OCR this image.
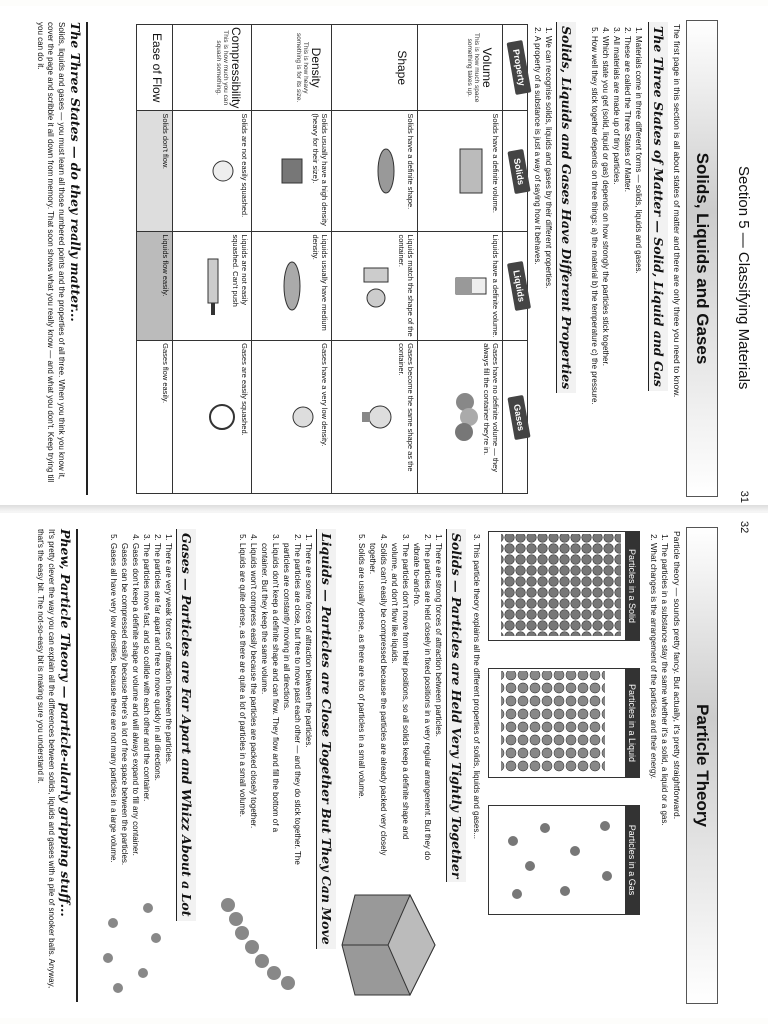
Section 5 — Classifying Materials
31
Solids, Liquids and Gases
The first page in this section is all about states of matter and there are only three you need to know.
The Three States of Matter — Solid, Liquid and Gas
1. Materials come in three different forms — solids, liquids and gases.
2. These are called the Three States of Matter.
3. All materials are made up of tiny particles.
4. Which state you get (solid, liquid or gas) depends on how strongly the particles stick together.
5. How well they stick together depends on three things: a) the material b) the temperature c) the pressure.
Solids, Liquids and Gases Have Different Properties
1. We can recognise solids, liquids and gases by their different properties.
2. A property of a substance is just a way of saying how it behaves.
Property	Solids	Liquids	Gases

Volume
This is how much space something takes up.	Solids have a definite volume.	Liquids have a definite volume.	Gases have no definite volume — they always fill the container they're in.

Shape	Solids have a definite shape.	Liquids match the shape of the container.	Gases become the same shape as the container.

Density
This is how heavy something is for its size.	Solids usually have a high density (heavy for their size).	Liquids usually have medium density.	Gases have a very low density.

Compressibility
This is how much you can squash something.	Solids are not easily squashed.	Liquids are not easily squashed. Can't push	Gases are easily squashed.

Ease of Flow	Solids don't flow.	Liquids flow easily.	Gases flow easily.
The Three States — do they really matter...
Solids, liquids and gases — you must learn all those numbered points and the properties of all three. When you think you know it, cover the page and scribble it all down from memory. That soon shows what you really know — and what you don't. Keep trying till you can do it.
32
Particle Theory
Particle theory — sounds pretty fancy. But actually, it's pretty straightforward.
1. The particles in a substance stay the same whether it's a solid, a liquid or a gas.
2. What changes is the arrangement of the particles and their energy.
Particles in a Solid
Particles in a Liquid
Particles in a Gas
3. This particle theory explains all the different properties of solids, liquids and gases...
Solids — Particles are Held Very Tightly Together
1. There are strong forces of attraction between particles.
2. The particles are held closely in fixed positions in a very regular arrangement. But they do vibrate to-and-fro.
3. The particles don't move from their positions, so all solids keep a definite shape and volume, and don't flow like liquids.
4. Solids can't easily be compressed because the particles are already packed very closely together.
5. Solids are usually dense, as there are lots of particles in a small volume.
Liquids — Particles are Close Together But They Can Move
1. There are some forces of attraction between the particles.
2. The particles are close, but free to move past each other — and they do stick together. The particles are constantly moving in all directions.
3. Liquids don't keep a definite shape and can flow. They flow and fill the bottom of a container. But they keep the same volume.
4. Liquids won't compress easily because the particles are packed closely together.
5. Liquids are quite dense, as there are quite a lot of particles in a small volume.
Gases — Particles are Far Apart and Whizz About a Lot
1. There are very weak forces of attraction between the particles.
2. The particles are far apart and free to move quickly in all directions.
3. The particles move fast, and so collide with each other and the container.
4. Gases don't keep a definite shape or volume and will always expand to fill any container. Gases can be compressed easily because there's a lot of free space between the particles.
5. Gases all have very low densities, because there are not many particles in a large volume.
Phew, Particle Theory — particle-ularly gripping stuff...
It's pretty clever the way you can explain all the differences between solids, liquids and gases with a pile of snooker balls. Anyway, that's the easy bit. The not-so-easy bit is making sure you understand it.
